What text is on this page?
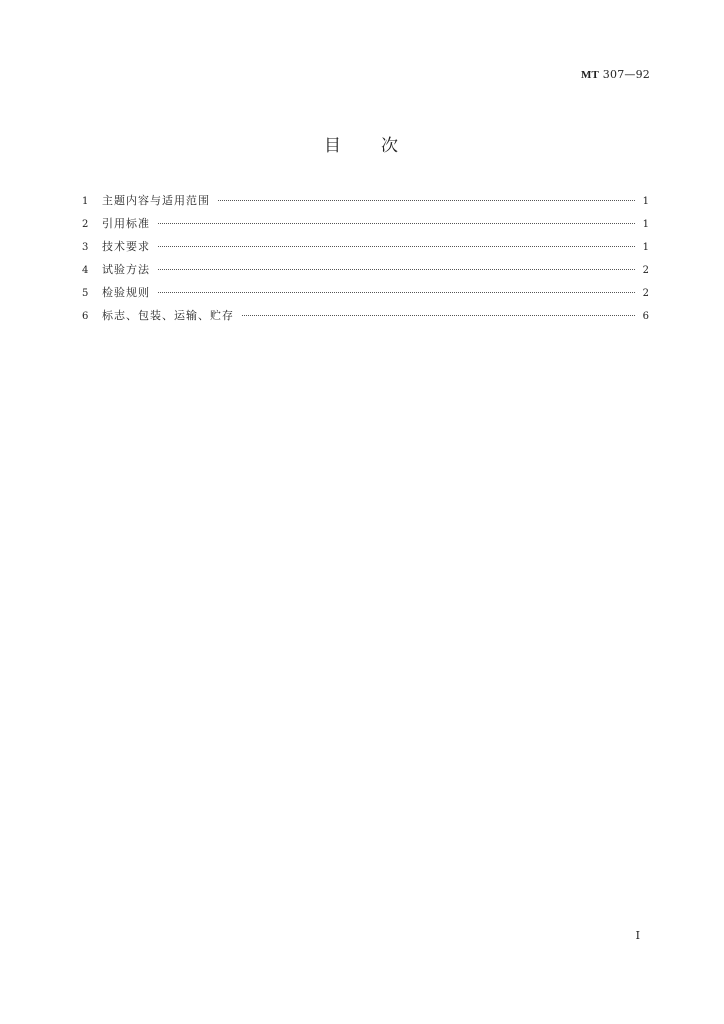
MT 307—92
目 次
1	主题内容与适用范围	1
2	引用标准	1
3	技术要求	1
4	试验方法	2
5	检验规则	2
6	标志、包装、运输、贮存	6
I
